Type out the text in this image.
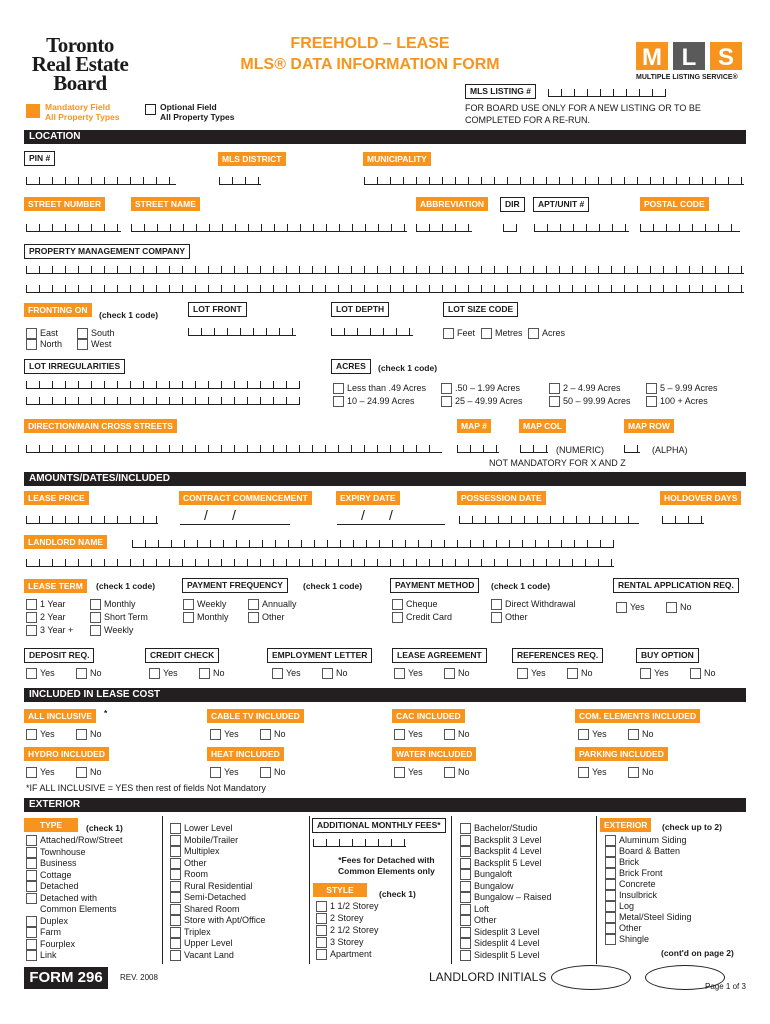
Toronto
Real Estate
Board
FREEHOLD – LEASE
MLS® DATA INFORMATION FORM	M L S
MULTIPLE LISTING SERVICE®
MLS LISTING #
FOR BOARD USE ONLY FOR A NEW LISTING OR TO BE COMPLETED FOR A RE-RUN.
Mandatory Field
All Property Types
Optional Field
All Property Types
LOCATION
PIN #	MLS DISTRICT	MUNICIPALITY
STREET NUMBER	STREET NAME	ABBREVIATION	DIR	APT/UNIT #	POSTAL CODE
PROPERTY MANAGEMENT COMPANY
FRONTING ON	(check 1 code)
LOT FRONT	LOT DEPTH	LOT SIZE CODE
East	South
North	West
Feet	Metres	Acres
LOT IRREGULARITIES	ACRES	(check 1 code)
Less than .49 Acres	.50 – 1.99 Acres	2 – 4.99 Acres	5 – 9.99 Acres
10 – 24.99 Acres	25 – 49.99 Acres	50 – 99.99 Acres	100 + Acres
DIRECTION/MAIN CROSS STREETS	MAP #	MAP COL	MAP ROW
(NUMERIC)	(ALPHA)
NOT MANDATORY FOR X AND Z
AMOUNTS/DATES/INCLUDED
LEASE PRICE	CONTRACT COMMENCEMENT	EXPIRY DATE	POSSESSION DATE	HOLDOVER DAYS
/ /	/ /
LANDLORD NAME
LEASE TERM	(check 1 code)	PAYMENT FREQUENCY	(check 1 code)	PAYMENT METHOD	(check 1 code)	RENTAL APPLICATION REQ.
1 Year
2 Year
3 Year +
Monthly
Short Term
Weekly
Weekly
Monthly
Annually
Other
Cheque
Credit Card
Direct Withdrawal
Other
Yes	No
DEPOSIT REQ.	CREDIT CHECK	EMPLOYMENT LETTER	LEASE AGREEMENT	REFERENCES REQ.	BUY OPTION
Yes	No	Yes	No	Yes	No	Yes	No	Yes	No	Yes	No
INCLUDED IN LEASE COST
ALL INCLUSIVE	*	CABLE TV INCLUDED	CAC INCLUDED	COM. ELEMENTS INCLUDED
Yes	No	Yes	No	Yes	No	Yes	No
HYDRO INCLUDED	HEAT INCLUDED	WATER INCLUDED	PARKING INCLUDED
Yes	No	Yes	No	Yes	No	Yes	No
*IF ALL INCLUSIVE = YES then rest of fields Not Mandatory
EXTERIOR
TYPE	(check 1)
Attached/Row/Street
Townhouse
Business
Cottage
Detached
Detached with
Common Elements
Duplex
Farm
Fourplex
Link
Lower Level
Mobile/Trailer
Multiplex
Other
Room
Rural Residential
Semi-Detached
Shared Room
Store with Apt/Office
Triplex
Upper Level
Vacant Land
ADDITIONAL MONTHLY FEES*
*Fees for Detached with
Common Elements only
STYLE	(check 1)
1 1/2 Storey
2 Storey
2 1/2 Storey
3 Storey
Apartment
Bachelor/Studio
Backsplit 3 Level
Backsplit 4 Level
Backsplit 5 Level
Bungaloft
Bungalow
Bungalow – Raised
Loft
Other
Sidesplit 3 Level
Sidesplit 4 Level
Sidesplit 5 Level
EXTERIOR	(check up to 2)
Aluminum Siding
Board & Batten
Brick
Brick Front
Concrete
Insulbrick
Log
Metal/Steel Siding
Other
Shingle
(cont'd on page 2)
FORM 296	REV. 2008	LANDLORD INITIALS
Page 1 of 3
